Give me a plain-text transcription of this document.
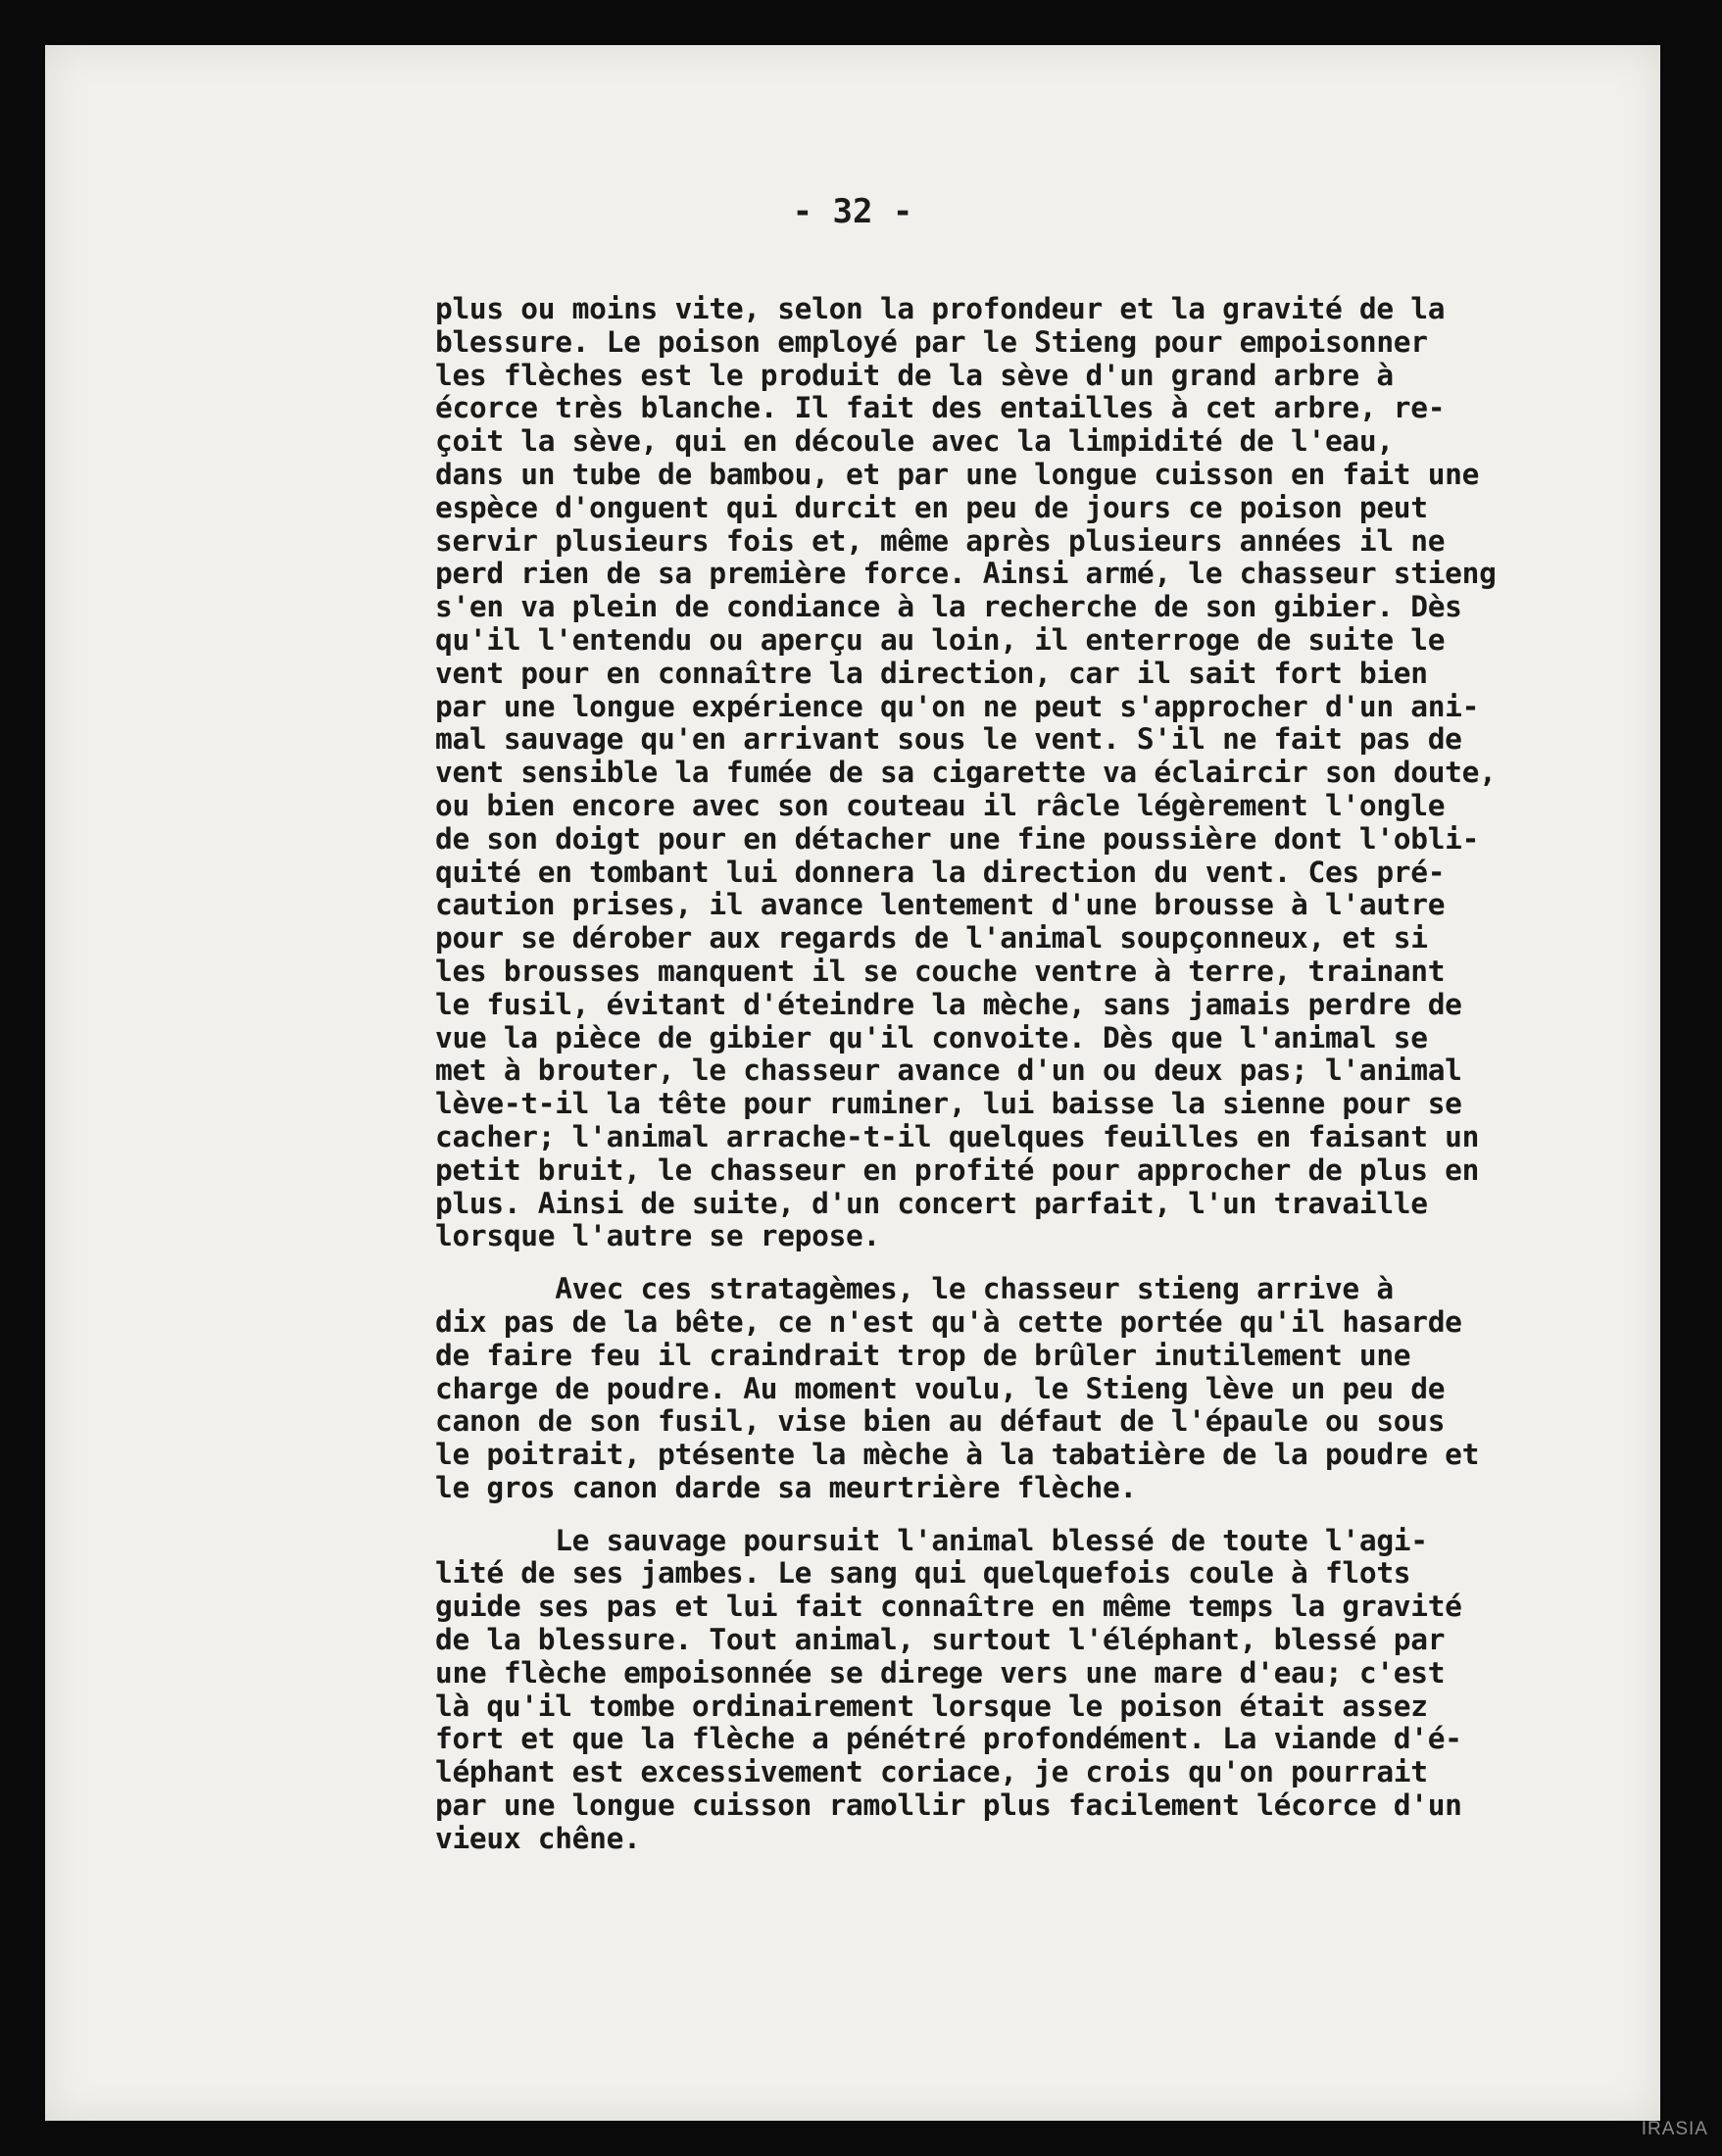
- 32 -

plus ou moins vite, selon la profondeur et la gravité de la
blessure. Le poison employé par le Stieng pour empoisonner
les flèches est le produit de la sève d'un grand arbre à
écorce très blanche. Il fait des entailles à cet arbre, re-
çoit la sève, qui en découle avec la limpidité de l'eau,
dans un tube de bambou, et par une longue cuisson en fait une
espèce d'onguent qui durcit en peu de jours ce poison peut
servir plusieurs fois et, même après plusieurs années il ne
perd rien de sa première force. Ainsi armé, le chasseur stieng
s'en va plein de condiance à la recherche de son gibier. Dès
qu'il l'entendu ou aperçu au loin, il enterroge de suite le
vent pour en connaître la direction, car il sait fort bien
par une longue expérience qu'on ne peut s'approcher d'un ani-
mal sauvage qu'en arrivant sous le vent. S'il ne fait pas de
vent sensible la fumée de sa cigarette va éclaircir son doute,
ou bien encore avec son couteau il râcle légèrement l'ongle
de son doigt pour en détacher une fine poussière dont l'obli-
quité en tombant lui donnera la direction du vent. Ces pré-
caution prises, il avance lentement d'une brousse à l'autre
pour se dérober aux regards de l'animal soupçonneux, et si
les brousses manquent il se couche ventre à terre, trainant
le fusil, évitant d'éteindre la mèche, sans jamais perdre de
vue la pièce de gibier qu'il convoite. Dès que l'animal se
met à brouter, le chasseur avance d'un ou deux pas; l'animal
lève-t-il la tête pour ruminer, lui baisse la sienne pour se
cacher; l'animal arrache-t-il quelques feuilles en faisant un
petit bruit, le chasseur en profité pour approcher de plus en
plus. Ainsi de suite, d'un concert parfait, l'un travaille
lorsque l'autre se repose.
Avec ces stratagèmes, le chasseur stieng arrive à
dix pas de la bête, ce n'est qu'à cette portée qu'il hasarde
de faire feu il craindrait trop de brûler inutilement une
charge de poudre. Au moment voulu, le Stieng lève un peu de
canon de son fusil, vise bien au défaut de l'épaule ou sous
le poitrait, ptésente la mèche à la tabatière de la poudre et
le gros canon darde sa meurtrière flèche.
Le sauvage poursuit l'animal blessé de toute l'agi-
lité de ses jambes. Le sang qui quelquefois coule à flots
guide ses pas et lui fait connaître en même temps la gravité
de la blessure. Tout animal, surtout l'éléphant, blessé par
une flèche empoisonnée se direge vers une mare d'eau; c'est
là qu'il tombe ordinairement lorsque le poison était assez
fort et que la flèche a pénétré profondément. La viande d'é-
léphant est excessivement coriace, je crois qu'on pourrait
par une longue cuisson ramollir plus facilement lécorce d'un
vieux chêne.

IRASIA
